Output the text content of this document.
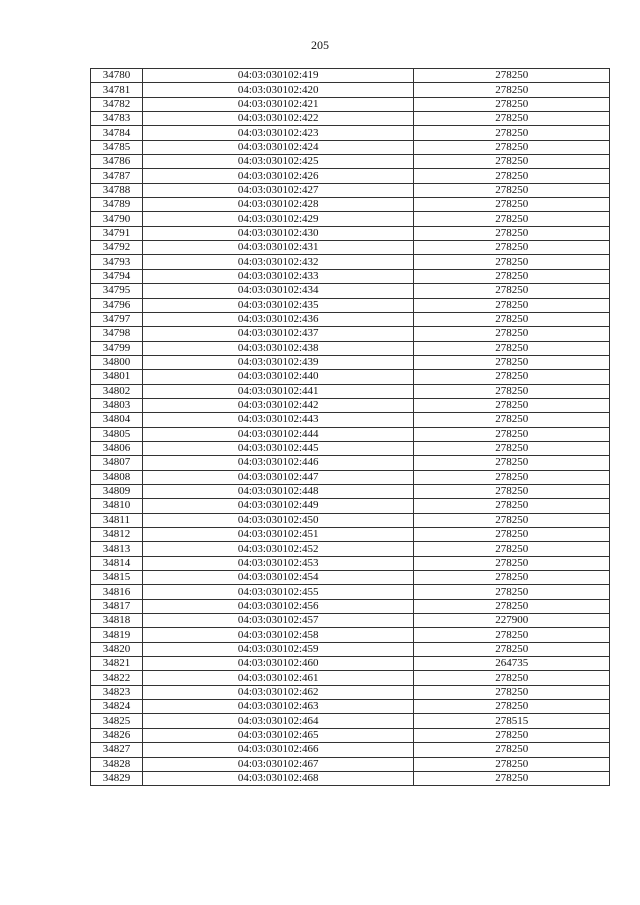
205
34780	04:03:030102:419	278250
34781	04:03:030102:420	278250
34782	04:03:030102:421	278250
34783	04:03:030102:422	278250
34784	04:03:030102:423	278250
34785	04:03:030102:424	278250
34786	04:03:030102:425	278250
34787	04:03:030102:426	278250
34788	04:03:030102:427	278250
34789	04:03:030102:428	278250
34790	04:03:030102:429	278250
34791	04:03:030102:430	278250
34792	04:03:030102:431	278250
34793	04:03:030102:432	278250
34794	04:03:030102:433	278250
34795	04:03:030102:434	278250
34796	04:03:030102:435	278250
34797	04:03:030102:436	278250
34798	04:03:030102:437	278250
34799	04:03:030102:438	278250
34800	04:03:030102:439	278250
34801	04:03:030102:440	278250
34802	04:03:030102:441	278250
34803	04:03:030102:442	278250
34804	04:03:030102:443	278250
34805	04:03:030102:444	278250
34806	04:03:030102:445	278250
34807	04:03:030102:446	278250
34808	04:03:030102:447	278250
34809	04:03:030102:448	278250
34810	04:03:030102:449	278250
34811	04:03:030102:450	278250
34812	04:03:030102:451	278250
34813	04:03:030102:452	278250
34814	04:03:030102:453	278250
34815	04:03:030102:454	278250
34816	04:03:030102:455	278250
34817	04:03:030102:456	278250
34818	04:03:030102:457	227900
34819	04:03:030102:458	278250
34820	04:03:030102:459	278250
34821	04:03:030102:460	264735
34822	04:03:030102:461	278250
34823	04:03:030102:462	278250
34824	04:03:030102:463	278250
34825	04:03:030102:464	278515
34826	04:03:030102:465	278250
34827	04:03:030102:466	278250
34828	04:03:030102:467	278250
34829	04:03:030102:468	278250
